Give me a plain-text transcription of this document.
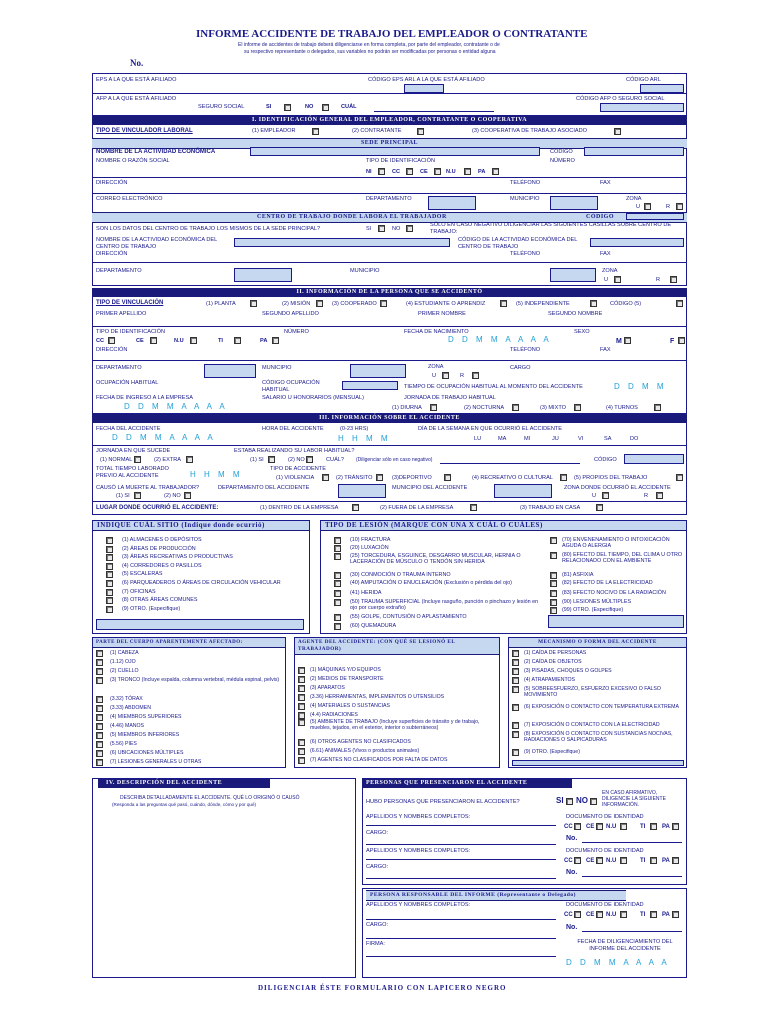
INFORME ACCIDENTE DE TRABAJO DEL EMPLEADOR O CONTRATANTE
El informe de accidentes de trabajo deberá diligenciarse en forma completa, por parte del empleador, contratante o de
su respectivo representante o delegados, sus variables no podrán ser modificadas por personas o entidad alguna
No.
EPS A LA QUE ESTÁ AFILIADO	CÓDIGO EPS ARL A LA QUE ESTÁ AFILIADO	CÓDIGO ARL
AFP A LA QUE ESTÁ AFILIADO	CÓDIGO AFP O SEGURO SOCIAL
SEGURO SOCIAL	SI	NO	CUÁL
I. IDENTIFICACIÓN GENERAL DEL EMPLEADOR, CONTRATANTE O COOPERATIVA
TIPO DE VINCULADOR LABORAL	(1) EMPLEADOR	(2) CONTRATANTE	(3) COOPERATIVA DE TRABAJO ASOCIADO
SEDE PRINCIPAL
NOMBRE DE LA ACTIVIDAD ECONÓMICA	CÓDIGO
NOMBRE O RAZÓN SOCIAL	TIPO DE IDENTIFICACIÓN	NÚMERO
NI	CC	CE	N.U	PA
DIRECCIÓN	TELÉFONO	FAX
CORREO ELECTRÓNICO	DEPARTAMENTO	MUNICIPIO	ZONA
U	R
CENTRO DE TRABAJO DONDE LABORA EL TRABAJADOR	CÓDIGO
SON LOS DATOS DEL CENTRO DE TRABAJO LOS MISMOS DE LA SEDE PRINCIPAL?	SI	NO
SÓLO EN CASO NEGATIVO DILIGENCIAR LAS SIGUIENTES CASILLAS SOBRE CENTRO DE TRABAJO:
NOMBRE DE LA ACTIVIDAD ECONÓMICA DEL CENTRO DE TRABAJO
CÓDIGO DE LA ACTIVIDAD ECONÓMICA DEL CENTRO DE TRABAJO
DIRECCIÓN	TELÉFONO	FAX
DEPARTAMENTO	MUNICIPIO	ZONA
U	R
II. INFORMACIÓN DE LA PERSONA QUE SE ACCIDENTÓ
TIPO DE VINCULACIÓN	(1) PLANTA	(2) MISIÓN	(3) COOPERADO	(4) ESTUDIANTE O APRENDIZ	(5) INDEPENDIENTE	CÓDIGO (5)
PRIMER APELLIDO	SEGUNDO APELLIDO	PRIMER NOMBRE	SEGUNDO NOMBRE
TIPO DE IDENTIFICACIÓN	NÚMERO	FECHA DE NACIMIENTO	SEXO
CC	CE	N.U	TI	PA	D D M M A A A A	M	F
DIRECCIÓN	TELÉFONO	FAX
DEPARTAMENTO	MUNICIPIO	ZONA
U	R
CARGO
OCUPACIÓN HABITUAL	CÓDIGO OCUPACIÓN HABITUAL	TIEMPO DE OCUPACIÓN HABITUAL AL MOMENTO DEL ACCIDENTE	D D M M
FECHA DE INGRESO A LA EMPRESA	SALARIO U HONORARIOS (MENSUAL)	JORNADA DE TRABAJO HABITUAL
D D M M A A A A	(1) DIURNA	(2) NOCTURNA	(3) MIXTO	(4) TURNOS
III. INFORMACIÓN SOBRE EL ACCIDENTE
FECHA DEL ACCIDENTE	HORA DEL ACCIDENTE	(0-23 HRS)	DÍA DE LA SEMANA EN QUE OCURRIÓ EL ACCIDENTE
D D M M A A A A	H H M M	LU	MA	MI	JU	VI	SA	DO
JORNADA EN QUE SUCEDE	ESTABA REALIZANDO SU LABOR HABITUAL?
(1) NORMAL	(2) EXTRA	(1) SI	(2) NO	CUÁL? (Diligenciar sólo en caso negativo)	CÓDIGO
TOTAL TIEMPO LABORADO PREVIO AL ACCIDENTE	H H M M
TIPO DE ACCIDENTE
(1) VIOLENCIA	(2) TRÁNSITO	(3)DEPORTIVO	(4) RECREATIVO O CULTURAL	(5) PROPIOS DEL TRABAJO
CAUSÓ LA MUERTE AL TRABAJADOR?	DEPARTAMENTO DEL ACCIDENTE	MUNICIPIO DEL ACCIDENTE	ZONA DONDE OCURRIÓ EL ACCIDENTE
(1) SI	(2) NO	U	R
LUGAR DONDE OCURRIÓ EL ACCIDENTE:	(1) DENTRO DE LA EMPRESA	(2) FUERA DE LA EMPRESA	(3) TRABAJO EN CASA
INDIQUE CUÁL SITIO (Indique donde ocurrió)	TIPO DE LESIÓN (MARQUE CON UNA X CUÁL O CUÁLES)
PARTE DEL CUERPO APARENTEMENTE AFECTADO:	AGENTE DEL ACCIDENTE: (CON QUÉ SE LESIONÓ EL TRABAJADOR)
MECANISMO O FORMA DEL ACCIDENTE
IV. DESCRIPCIÓN DEL ACCIDENTE
DESCRIBA DETALLADAMENTE EL ACCIDENTE. QUÉ LO ORIGINÓ O CAUSÓ
(Responda a las preguntas qué pasó, cuándo, dónde, cómo y por qué)
PERSONAS QUE PRESENCIARON EL ACCIDENTE
HUBO PERSONAS QUE PRESENCIARON EL ACCIDENTE?	SI NO
EN CASO AFIRMATIVO, DILIGENCIE LA SIGUIENTE INFORMACIÓN.
PERSONA RESPONSABLE DEL INFORME (Representante o Delegado)
APELLIDOS Y NOMBRES COMPLETOS:	DOCUMENTO DE IDENTIDAD
CARGO:	No.
FIRMA:	FECHA DE DILIGENCIAMIENTO DEL INFORME DEL ACCIDENTE
D D M M A A A A
DILIGENCIAR ÉSTE FORMULARIO CON LAPICERO NEGRO
(1) ALMACENES O DEPÓSITOS
(2) ÁREAS DE PRODUCCIÓN
(3) ÁREAS RECREATIVAS O PRODUCTIVAS
(4) CORREDORES O PASILLOS
(5) ESCALERAS
(6) PARQUEADEROS O ÁREAS DE CIRCULACIÓN VEHICULAR
(7) OFICINAS
(8) OTRAS ÁREAS COMUNES
(9) OTRO. (Especifique)
(10) FRACTURA
(20) LUXACIÓN
(25) TORCEDURA, ESGUINCE, DESGARRO MUSCULAR, HERNIA O LACERACIÓN DE MÚSCULO O TENDÓN SIN HERIDA
(30) CONMOCIÓN O TRAUMA INTERNO
(40) AMPUTACIÓN O ENUCLEACIÓN (Exclusión o pérdida del ojo)
(41) HERIDA
(50) TRAUMA SUPERFICIAL (Incluye rasguño, punción o pinchazo y lesión en ojo por cuerpo extraño)
(55) GOLPE, CONTUSIÓN O APLASTAMIENTO
(60) QUEMADURA
(70) ENVENENAMIENTO O INTOXICACIÓN AGUDA O ALERGIA
(80) EFECTO DEL TIEMPO, DEL CLIMA U OTRO RELACIONADO CON EL AMBIENTE
(81) ASFIXIA
(82) EFECTO DE LA ELECTRICIDAD
(83) EFECTO NOCIVO DE LA RADIACIÓN
(90) LESIONES MÚLTIPLES
(99) OTRO. (Especifique)
(1) CABEZA
(1.12) OJO
(2) CUELLO
(3) TRONCO (Incluye espalda, columna vertebral, médula espinal, pelvis)
(3.32) TÓRAX
(3.33) ABDOMEN
(4) MIEMBROS SUPERIORES
(4.46) MANOS
(5) MIEMBROS INFERIORES
(5.56) PIES
(6) UBICACIONES MÚLTIPLES
(7) LESIONES GENERALES U OTRAS
(1) MÁQUINAS Y/O EQUIPOS
(2) MEDIOS DE TRANSPORTE
(3) APARATOS
(3.36) HERRAMIENTAS, IMPLEMENTOS O UTENSILIOS
(4) MATERIALES O SUSTANCIAS
(4.4) RADIACIONES
(5) AMBIENTE DE TRABAJO (Incluye superficies de tránsito y de trabajo, muebles, tejados, en el exterior, interior o subterráneos)
(6) OTROS AGENTES NO CLASIFICADOS
(6.61) ANIMALES (Vivos o productos animales)
(7) AGENTES NO CLASIFICADOS POR FALTA DE DATOS
(1) CAÍDA DE PERSONAS
(2) CAÍDA DE OBJETOS
(3) PISADAS, CHOQUES O GOLPES
(4) ATRAPAMIENTOS
(5) SOBREESFUERZO, ESFUERZO EXCESIVO O FALSO MOVIMIENTO
(6) EXPOSICIÓN O CONTACTO CON TEMPERATURA EXTREMA
(7) EXPOSICIÓN O CONTACTO CON LA ELECTRICIDAD
(8) EXPOSICIÓN O CONTACTO CON SUSTANCIAS NOCIVAS, RADIACIONES O SALPICADURAS
(9) OTRO. (Especifique)
APELLIDOS Y NOMBRES COMPLETOS:	DOCUMENTO DE IDENTIDAD
CARGO:
CC CE N.U	TI	PA
No.
APELLIDOS Y NOMBRES COMPLETOS:	DOCUMENTO DE IDENTIDAD
CARGO:
CC CE N.U	TI	PA
No.
CC CE N.U	TI	PA
